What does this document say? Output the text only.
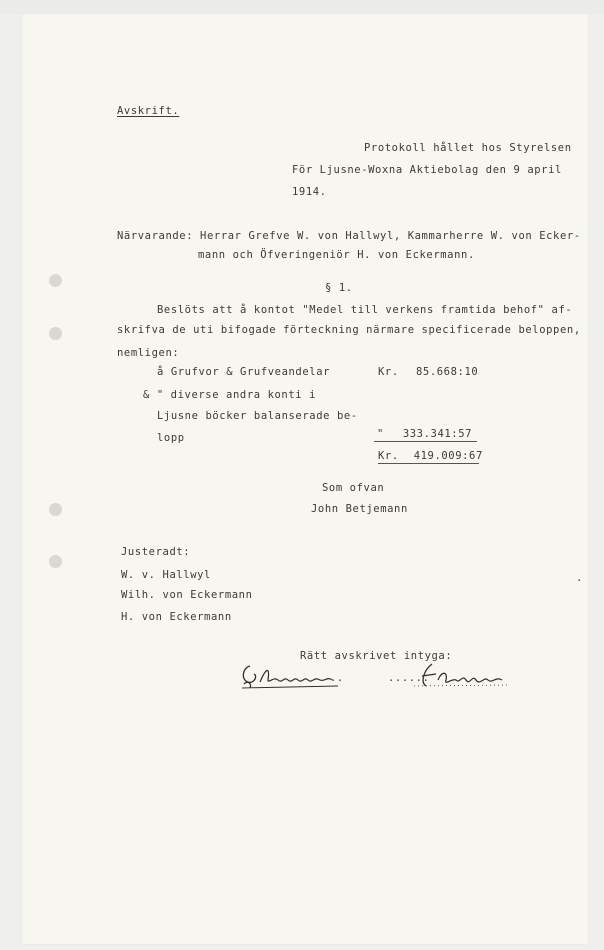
Avskrift.
Protokoll hållet hos Styrelsen
För Ljusne-Woxna Aktiebolag den 9 april
1914.
Närvarande: Herrar Grefve W. von Hallwyl, Kammarherre W. von Ecker-
mann och Öfveringeniör H. von Eckermann.
§ 1.
Beslöts att å kontot "Medel till verkens framtida behof" af-
skrifva de uti bifogade förteckning närmare specificerade beloppen,
nemligen:
å Grufvor & Grufveandelar	Kr. 85.668:10
& " diverse andra konti i
Ljusne böcker balanserade be-
lopp	" 333.341:57
Kr. 419.009:67
Som ofvan
John Betjemann
Justeradt:
W. v. Hallwyl
Wilh. von Eckermann
H. von Eckermann
.
Rätt avskrivet intyga:
..	......
